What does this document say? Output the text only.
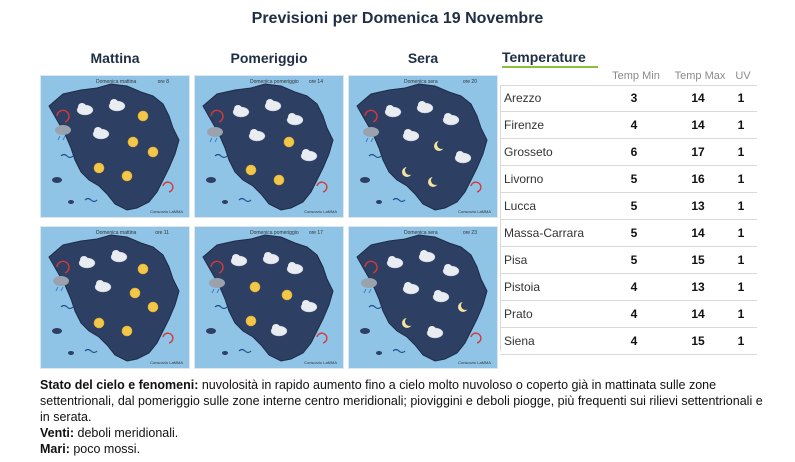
Previsioni per Domenica 19 Novembre
Mattina	Pomeriggio	Sera
Domenica mattina	ore 8
Consorzio LaMMA
Domenica pomeriggio ore 14
Consorzio LaMMA
Domenica sera	ore 20
Consorzio LaMMA
Domenica mattina	ore 11
Consorzio LaMMA
Domenica pomeriggio ore 17
Consorzio LaMMA
Domenica sera	ore 23
Consorzio LaMMA
Temperature
Temp Min	Temp Max UV
Arezzo	3	14	1
Firenze	4	14	1
Grosseto	6	17	1
Livorno	5	16	1
Lucca	5	13	1
Massa-Carrara	5	14	1
Pisa	5	15	1
Pistoia	4	13	1
Prato	4	14	1
Siena	4	15	1
Stato del cielo e fenomeni: nuvolosità in rapido aumento fino a cielo molto nuvoloso o coperto già in mattinata sulle zone settentrionali, dal pomeriggio sulle zone interne centro meridionali; pioviggini e deboli piogge, più frequenti sui rilievi settentrionali e in serata.
Venti: deboli meridionali.
Mari: poco mossi.
